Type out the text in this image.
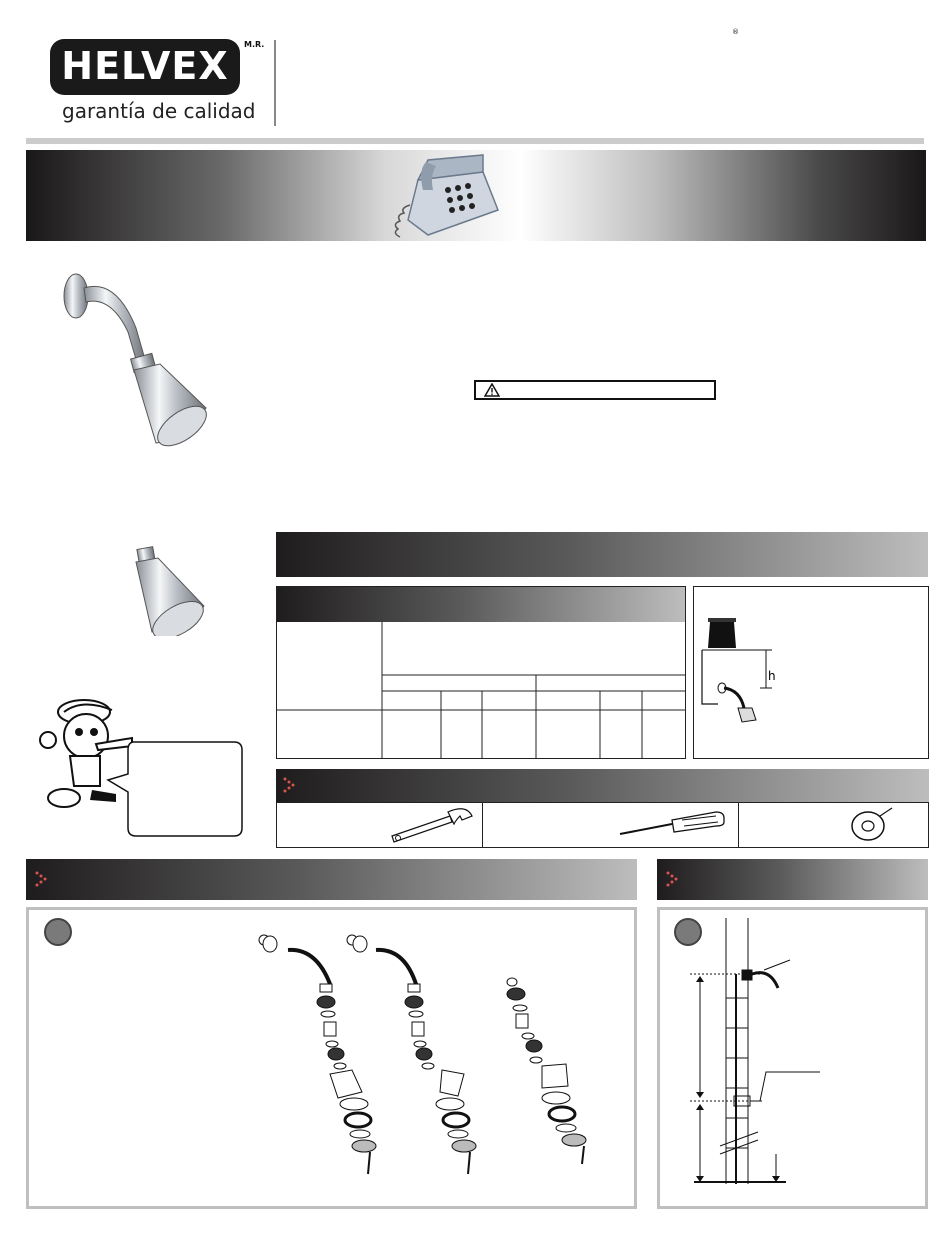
HELVEX	M.R.
garantía de calidad
®
h
